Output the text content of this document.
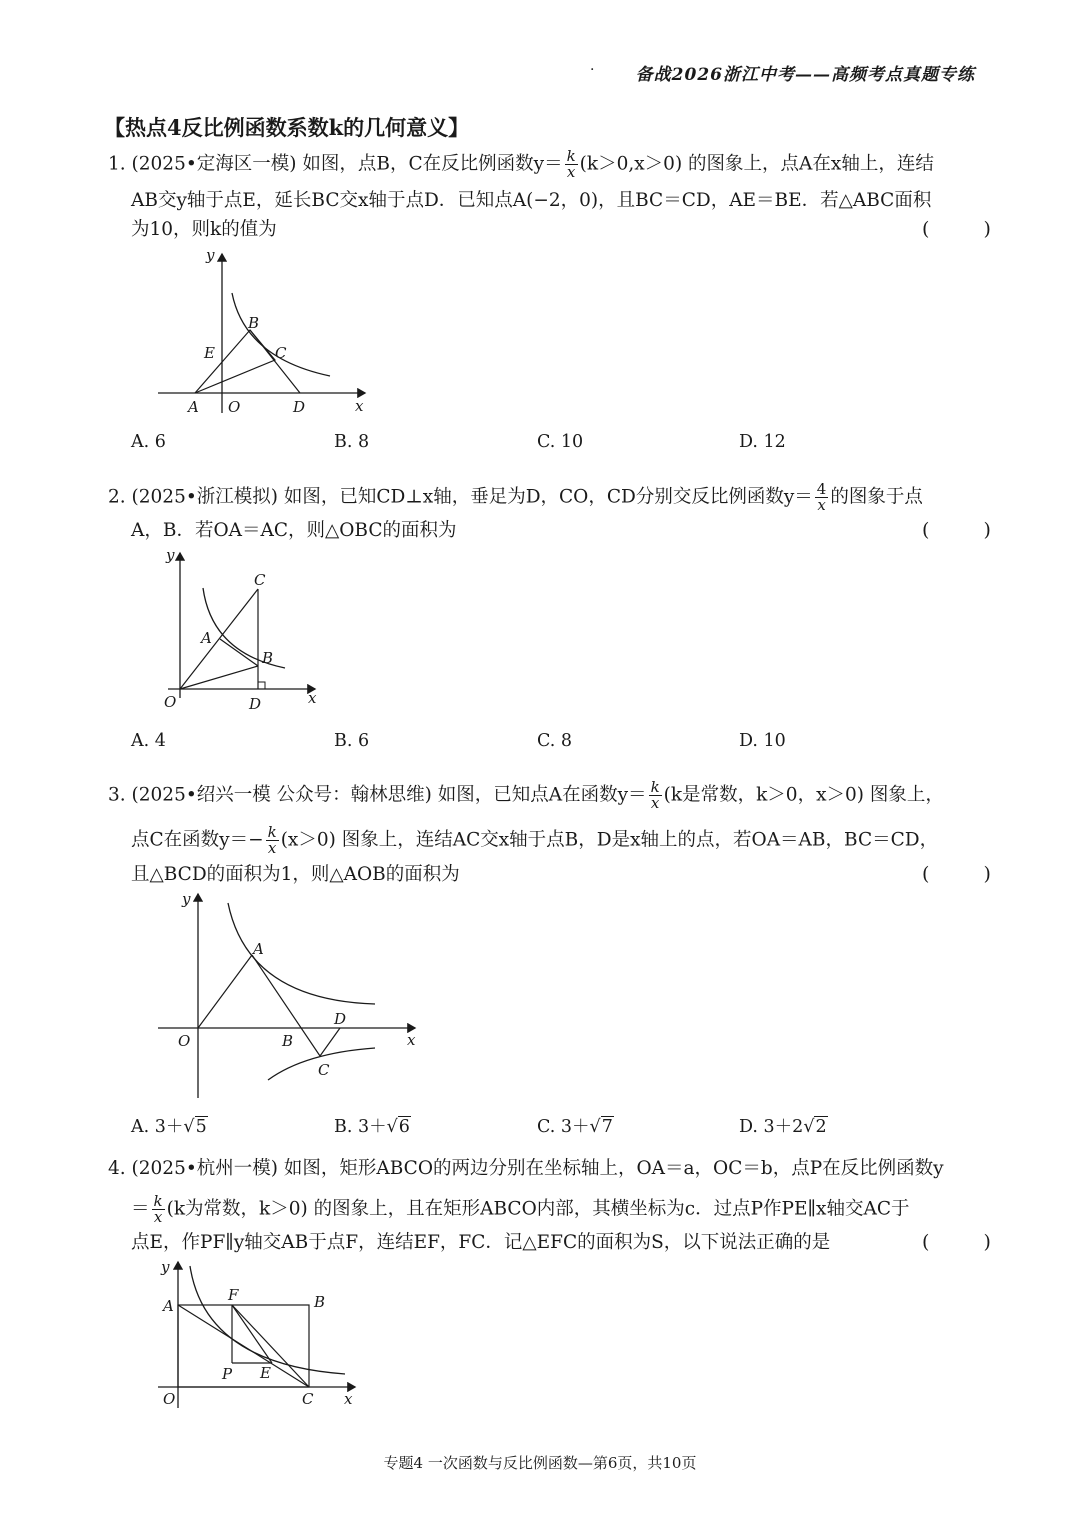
· 备战2026浙江中考——高频考点真题专练
【热点4反比例函数系数k的几何意义】
1. (2025•定海区一模) 如图，点B，C在反比例函数$y= \frac{k}{x} (k>0,x>0)$ 的图象上，点A在x轴上，连结
AB交y轴于点E，延长BC交x轴于点D．已知点A(−2，0)，且BC＝CD，AE＝BE．若△ABC面积
为10，则k的值为	( )
y
x
O
A
B
C
D
E
A. 6	B. 8	C. 10	D. 12
2. (2025•浙江模拟) 如图，已知CD⊥x轴，垂足为D，CO，CD分别交反比例函数$y= \frac{4}{x}$ 的图象于点
A，B．若OA＝AC，则△OBC的面积为	( )
y
x
O
A
B
C
D
A. 4	B. 6	C. 8	D. 10
3. (2025•绍兴一模 公众号：翰林思维) 如图，已知点A在函数$y= \frac{k}{x} (k$是常数，k＞0，x＞0) 图象上，
点C在函数$y=- \frac{k}{x} (x>0)$ 图象上，连结AC交x轴于点B，D是x轴上的点，若OA＝AB，BC＝CD，
且△BCD的面积为1，则△AOB的面积为	( )
y
x
O
A
B
C
D
A. 3＋√5	B. 3＋√6	C. 3＋√7	D. 3＋2√2
4. (2025•杭州一模) 如图，矩形ABCO的两边分别在坐标轴上，OA＝a，OC＝b，点P在反比例函数y
＝ $\frac{k}{x} (k$为常数，k＞0) 的图象上，且在矩形ABCO内部，其横坐标为c．过点P作PE∥x轴交AC于
点E，作PF∥y轴交AB于点F，连结EF，FC．记△EFC的面积为S，以下说法正确的是	( )
y
x
O
A	B
C
F
P E
专题4 一次函数与反比例函数—第6页，共10页
